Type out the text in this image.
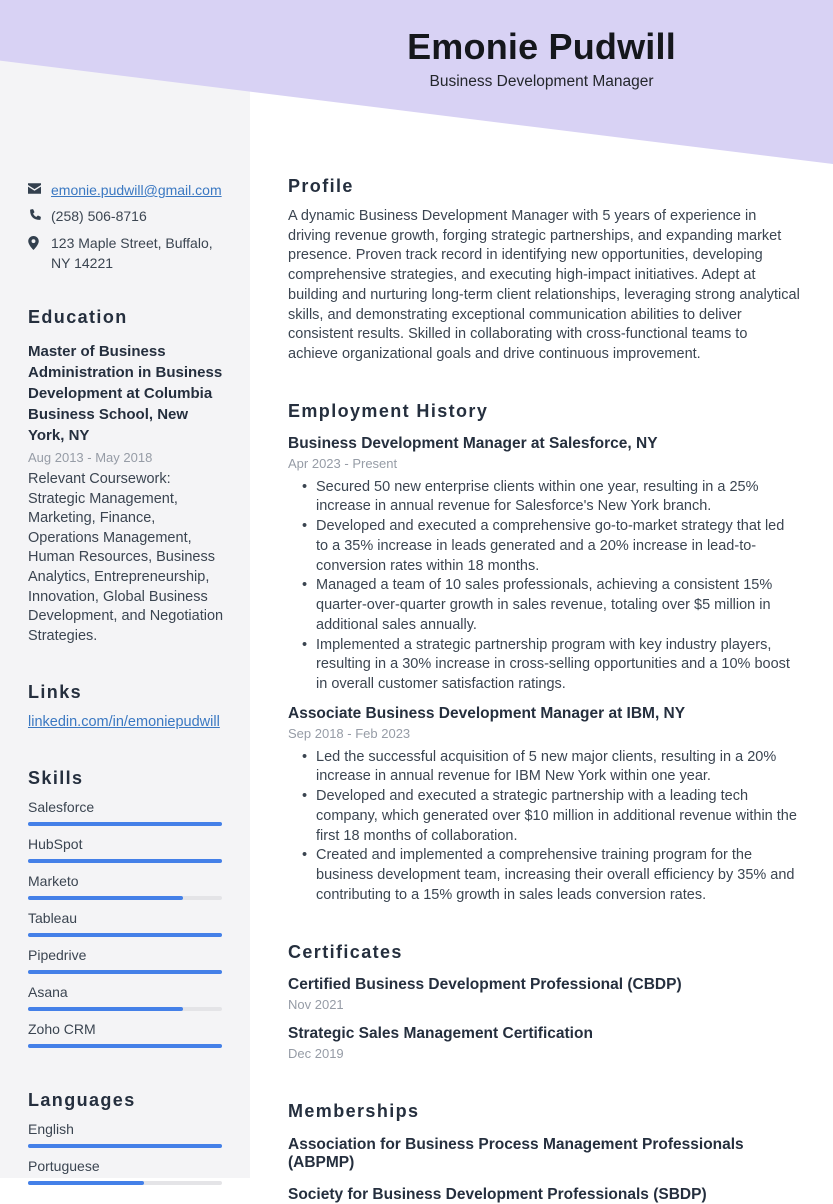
Emonie Pudwill
Business Development Manager
emonie.pudwill@gmail.com
(258) 506-8716
123 Maple Street, Buffalo, NY 14221
Education
Master of Business Administration in Business Development at Columbia Business School, New York, NY
Aug 2013 - May 2018
Relevant Coursework: Strategic Management, Marketing, Finance, Operations Management, Human Resources, Business Analytics, Entrepreneurship, Innovation, Global Business Development, and Negotiation Strategies.
Links
linkedin.com/in/emoniepudwill
Skills
Salesforce
HubSpot
Marketo
Tableau
Pipedrive
Asana
Zoho CRM
Languages
English
Portuguese
Profile
A dynamic Business Development Manager with 5 years of experience in driving revenue growth, forging strategic partnerships, and expanding market presence. Proven track record in identifying new opportunities, developing comprehensive strategies, and executing high-impact initiatives. Adept at building and nurturing long-term client relationships, leveraging strong analytical skills, and demonstrating exceptional communication abilities to deliver consistent results. Skilled in collaborating with cross-functional teams to achieve organizational goals and drive continuous improvement.
Employment History
Business Development Manager at Salesforce, NY
Apr 2023 - Present
• Secured 50 new enterprise clients within one year, resulting in a 25% increase in annual revenue for Salesforce's New York branch.
• Developed and executed a comprehensive go-to-market strategy that led to a 35% increase in leads generated and a 20% increase in lead-to-conversion rates within 18 months.
• Managed a team of 10 sales professionals, achieving a consistent 15% quarter-over-quarter growth in sales revenue, totaling over $5 million in additional sales annually.
• Implemented a strategic partnership program with key industry players, resulting in a 30% increase in cross-selling opportunities and a 10% boost in overall customer satisfaction ratings.
Associate Business Development Manager at IBM, NY
Sep 2018 - Feb 2023
• Led the successful acquisition of 5 new major clients, resulting in a 20% increase in annual revenue for IBM New York within one year.
• Developed and executed a strategic partnership with a leading tech company, which generated over $10 million in additional revenue within the first 18 months of collaboration.
• Created and implemented a comprehensive training program for the business development team, increasing their overall efficiency by 35% and contributing to a 15% growth in sales leads conversion rates.
Certificates
Certified Business Development Professional (CBDP)
Nov 2021
Strategic Sales Management Certification
Dec 2019
Memberships
Association for Business Process Management Professionals (ABPMP)
Society for Business Development Professionals (SBDP)
